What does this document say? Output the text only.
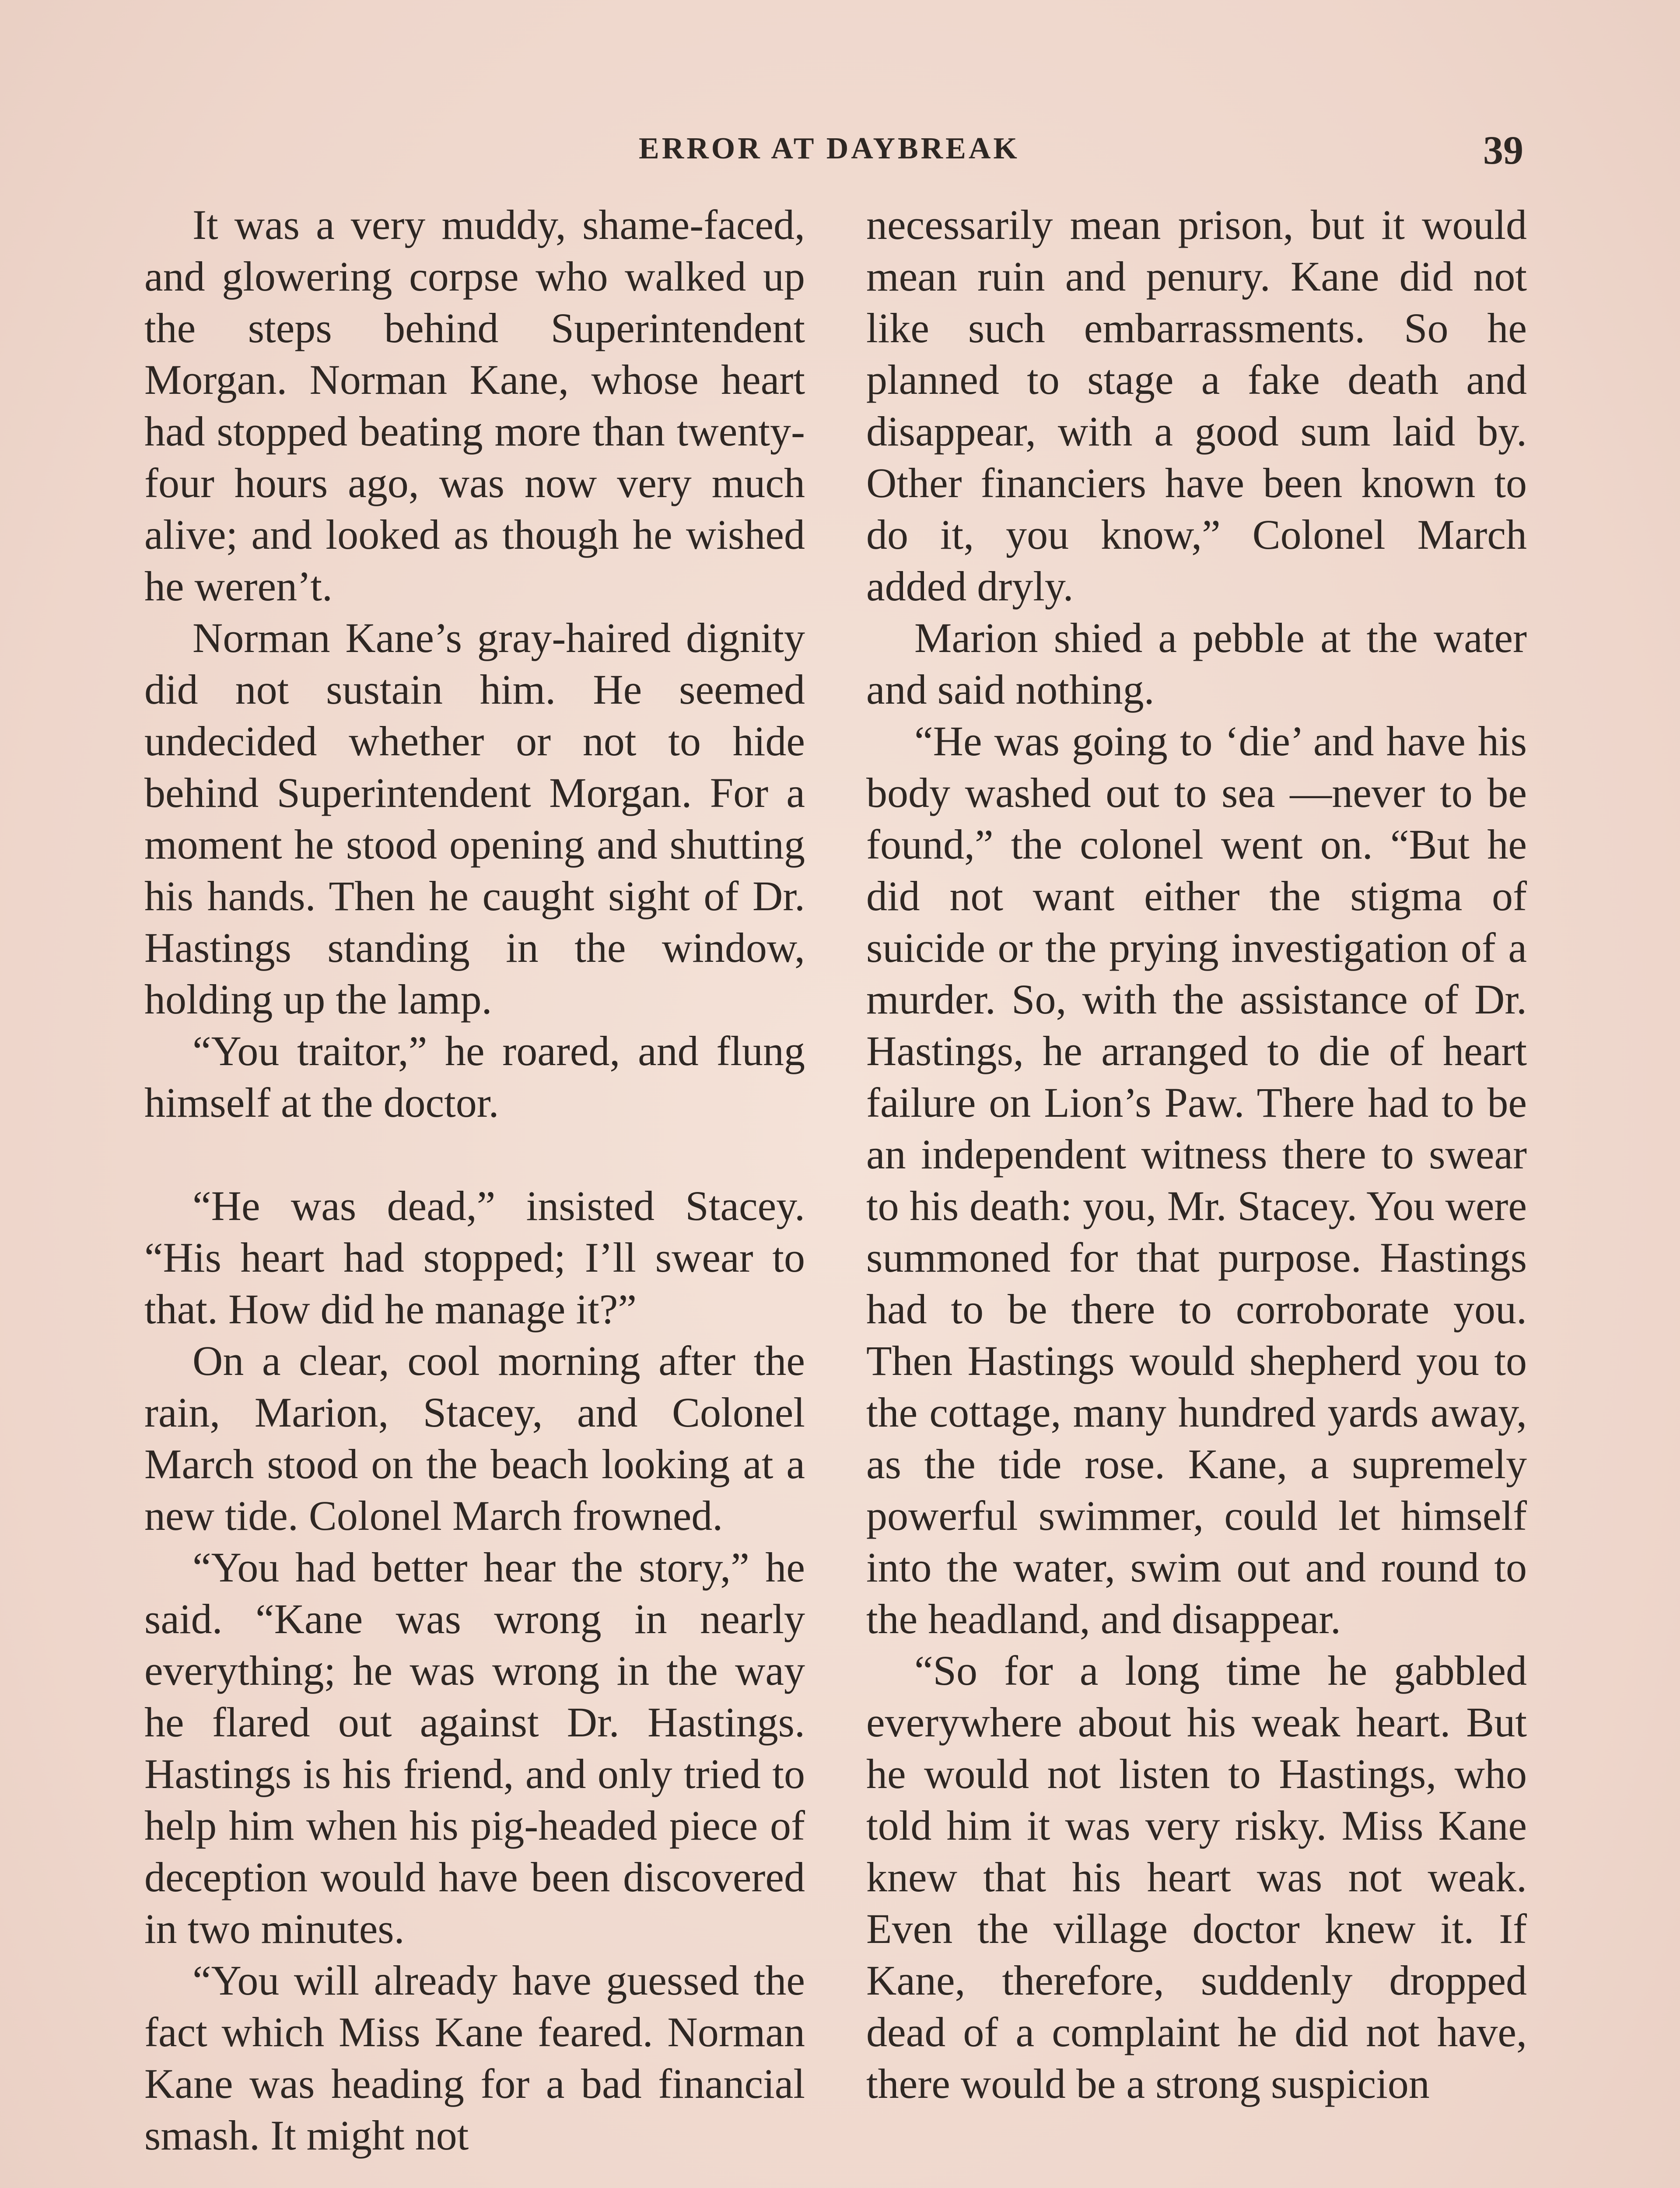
ERROR AT DAYBREAK	39

It was a very muddy, shame-faced, and glowering corpse who walked up the steps behind Superintendent Morgan. Norman Kane, whose heart had stopped beating more than twenty-four hours ago, was now very much alive; and looked as though he wished he weren’t.

Norman Kane’s gray-haired dignity did not sustain him. He seemed undecided whether or not to hide behind Superintendent Morgan. For a moment he stood opening and shutting his hands. Then he caught sight of Dr. Hastings standing in the window, holding up the lamp.

“You traitor,” he roared, and flung himself at the doctor.

“He was dead,” insisted Stacey. “His heart had stopped; I’ll swear to that. How did he manage it?”

On a clear, cool morning after the rain, Marion, Stacey, and Colonel March stood on the beach looking at a new tide. Colonel March frowned.

“You had better hear the story,” he said. “Kane was wrong in nearly everything; he was wrong in the way he flared out against Dr. Hastings. Hastings is his friend, and only tried to help him when his pig-headed piece of deception would have been discovered in two minutes.

“You will already have guessed the fact which Miss Kane feared. Norman Kane was heading for a bad financial smash. It might not

necessarily mean prison, but it would mean ruin and penury. Kane did not like such embarrassments. So he planned to stage a fake death and disappear, with a good sum laid by. Other financiers have been known to do it, you know,” Colonel March added dryly.

Marion shied a pebble at the water and said nothing.

“He was going to ‘die’ and have his body washed out to sea —never to be found,” the colonel went on. “But he did not want either the stigma of suicide or the prying investigation of a murder. So, with the assistance of Dr. Hastings, he arranged to die of heart failure on Lion’s Paw. There had to be an independent witness there to swear to his death: you, Mr. Stacey. You were summoned for that purpose. Hastings had to be there to corroborate you. Then Hastings would shepherd you to the cottage, many hundred yards away, as the tide rose. Kane, a supremely powerful swimmer, could let himself into the water, swim out and round to the headland, and disappear.

“So for a long time he gabbled everywhere about his weak heart. But he would not listen to Hastings, who told him it was very risky. Miss Kane knew that his heart was not weak. Even the village doctor knew it. If Kane, therefore, suddenly dropped dead of a complaint he did not have, there would be a strong suspicion
